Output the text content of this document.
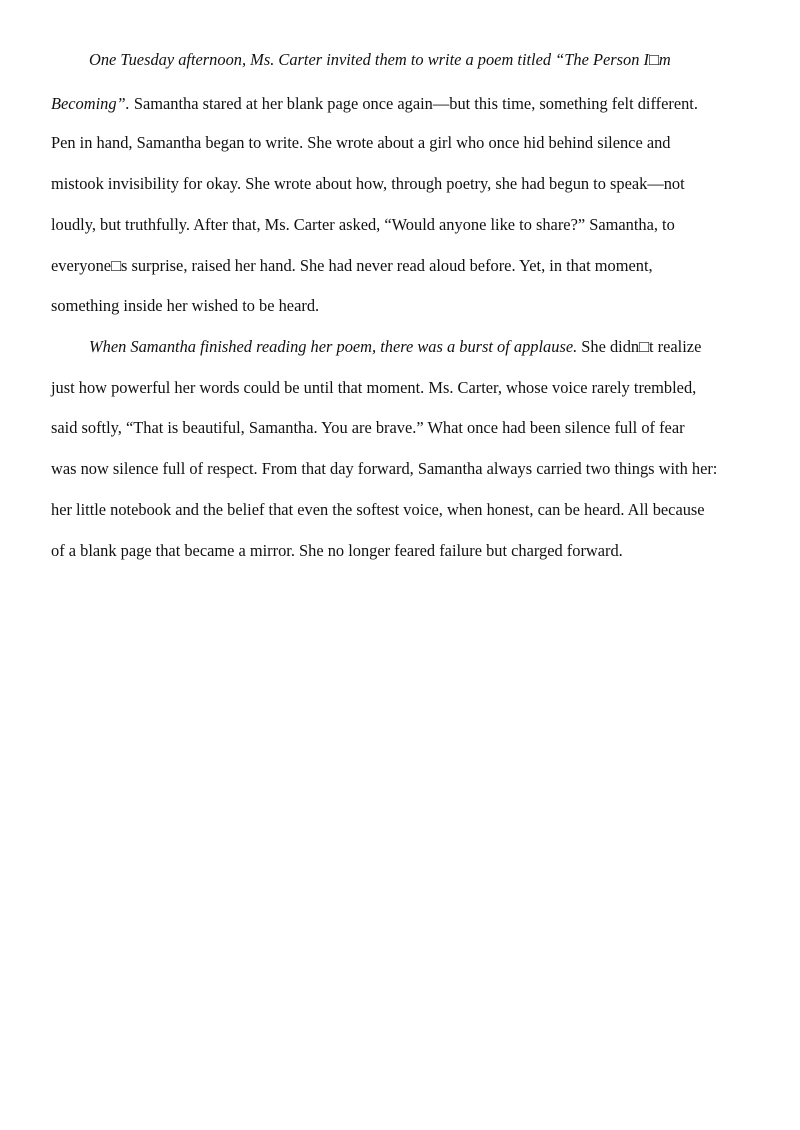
One Tuesday afternoon, Ms. Carter invited them to write a poem titled “The Person I□m
Becoming”. Samantha stared at her blank page once again—but this time, something felt different.
Pen in hand, Samantha began to write. She wrote about a girl who once hid behind silence and
mistook invisibility for okay. She wrote about how, through poetry, she had begun to speak—not
loudly, but truthfully. After that, Ms. Carter asked, “Would anyone like to share?” Samantha, to
everyone□s surprise, raised her hand. She had never read aloud before. Yet, in that moment,
something inside her wished to be heard.
When Samantha finished reading her poem, there was a burst of applause. She didn□t realize
just how powerful her words could be until that moment. Ms. Carter, whose voice rarely trembled,
said softly, “That is beautiful, Samantha. You are brave.” What once had been silence full of fear
was now silence full of respect. From that day forward, Samantha always carried two things with her:
her little notebook and the belief that even the softest voice, when honest, can be heard. All because
of a blank page that became a mirror. She no longer feared failure but charged forward.
